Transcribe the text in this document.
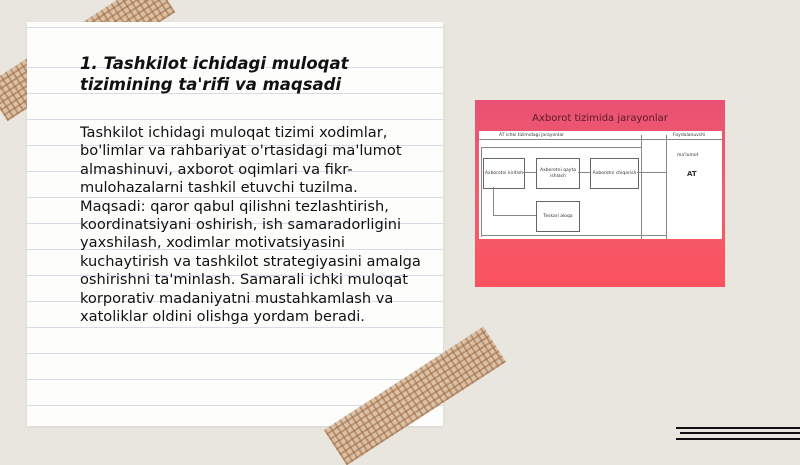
1. Tashkilot ichidagi muloqat tizimining ta'rifi va maqsadi
Tashkilot ichidagi muloqat tizimi xodimlar, bo'limlar va rahbariyat o'rtasidagi ma'lumot almashinuvi, axborot oqimlari va fikr-mulohazalarni tashkil etuvchi tuzilma. Maqsadi: qaror qabul qilishni tezlashtirish, koordinatsiyani oshirish, ish samaradorligini yaxshilash, xodimlar motivatsiyasini kuchaytirish va tashkilot strategiyasini amalga oshirishni ta'minlash. Samarali ichki muloqat korporativ madaniyatni mustahkamlash va xatoliklar oldini olishga yordam beradi.
Axborot tizimida jarayonlar
AT ichki tizimidagi jarayonlar	Foydalanuvchi
Axborotni kiritish
Axborotni qayta ishlash
Axborotni chiqarish
Teskari aloqa
ma'lumot
AT
